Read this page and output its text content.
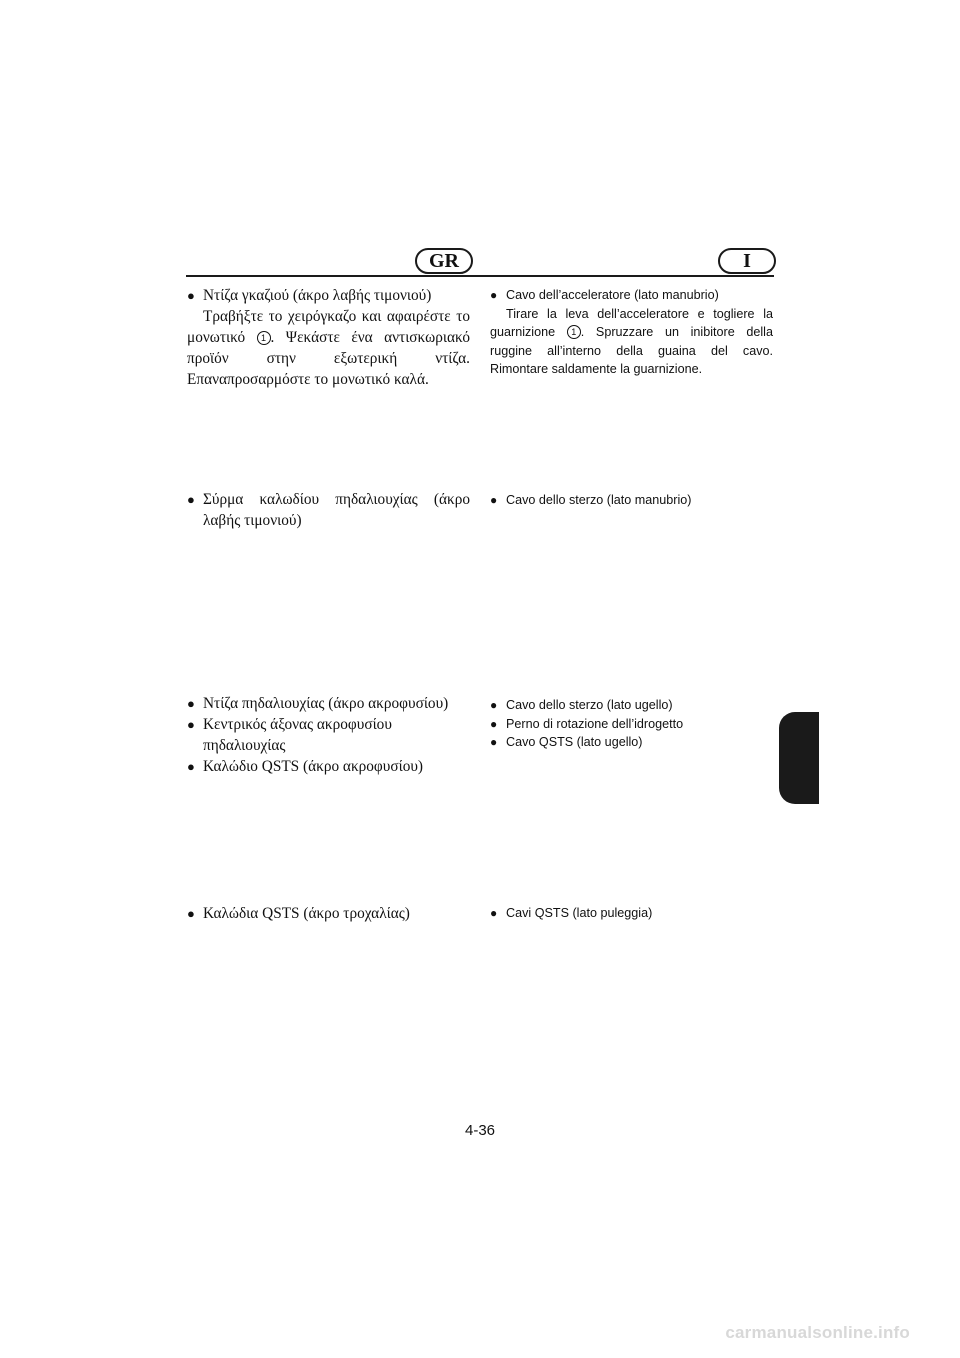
GR	I
● Ντίζα γκαζιού (άκρο λαβής τιμονιού)
Τραβήξτε το χειρόγκαζο και αφαιρέστε το μονωτικό 1 . Ψεκάστε ένα αντισκωριακό προϊόν στην εξωτερική ντίζα. Επαναπροσαρμόστε το μονωτικό καλά.
● Σύρμα καλωδίου πηδαλιουχίας (άκρο λαβής τιμονιού)
● Ντίζα πηδαλιουχίας (άκρο ακροφυσίου)
● Κεντρικός άξονας ακροφυσίου πηδαλιουχίας
● Καλώδιο QSTS (άκρο ακροφυσίου)
● Καλώδια QSTS (άκρο τροχαλίας)
● Cavo dell’acceleratore (lato manubrio)
Tirare la leva dell’acceleratore e togliere la guarnizione 1 . Spruzzare un inibitore della ruggine all’interno della guaina del cavo. Rimontare saldamente la guarnizione.
● Cavo dello sterzo (lato manubrio)
● Cavo dello sterzo (lato ugello)
● Perno di rotazione dell’idrogetto
● Cavo QSTS (lato ugello)
● Cavi QSTS (lato puleggia)
4-36
carmanualsonline.info
